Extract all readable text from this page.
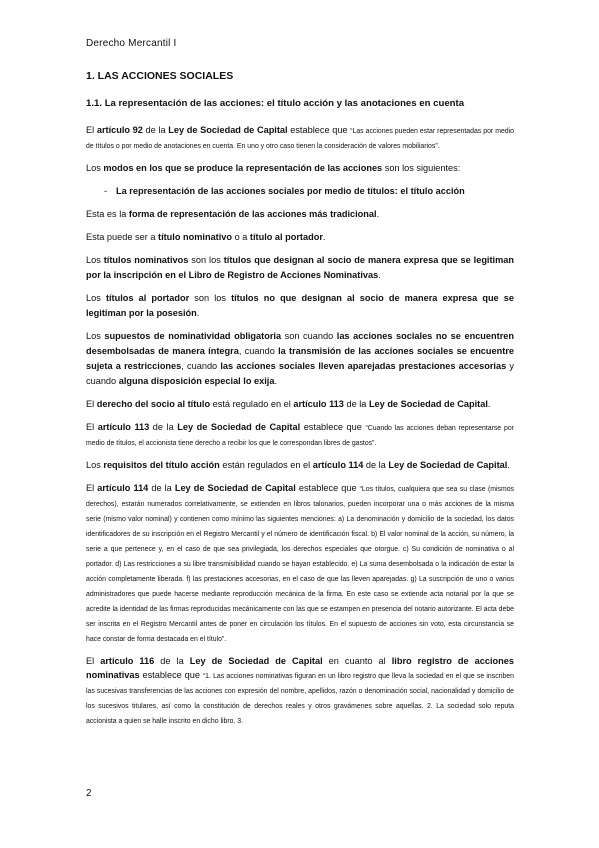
Derecho Mercantil I
1. LAS ACCIONES SOCIALES
1.1. La representación de las acciones: el título acción y las anotaciones en cuenta

El artículo 92 de la Ley de Sociedad de Capital establece que “Las acciones pueden estar representadas por medio de títulos o por medio de anotaciones en cuenta. En uno y otro caso tienen la consideración de valores mobiliarios”.

Los modos en los que se produce la representación de las acciones son los siguientes:

- La representación de las acciones sociales por medio de títulos: el título acción

Esta es la forma de representación de las acciones más tradicional.

Esta puede ser a título nominativo o a título al portador.

Los títulos nominativos son los títulos que designan al socio de manera expresa que se legitiman por la inscripción en el Libro de Registro de Acciones Nominativas.

Los títulos al portador son los títulos no que designan al socio de manera expresa que se legitiman por la posesión.

Los supuestos de nominatividad obligatoria son cuando las acciones sociales no se encuentren desembolsadas de manera íntegra, cuando la transmisión de las acciones sociales se encuentre sujeta a restricciones, cuando las acciones sociales lleven aparejadas prestaciones accesorias y cuando alguna disposición especial lo exija.

El derecho del socio al título está regulado en el artículo 113 de la Ley de Sociedad de Capital.

El artículo 113 de la Ley de Sociedad de Capital establece que “Cuando las acciones deban representarse por medio de títulos, el accionista tiene derecho a recibir los que le correspondan libres de gastos”.

Los requisitos del título acción están regulados en el artículo 114 de la Ley de Sociedad de Capital.

El artículo 114 de la Ley de Sociedad de Capital establece que “Los títulos, cualquiera que sea su clase (mismos derechos), estarán numerados correlativamente, se extienden en libros talonarios, pueden incorporar una o más acciones de la misma serie (mismo valor nominal) y contienen como mínimo las siguientes menciones: a) La denominación y domicilio de la sociedad, los datos identificadores de su inscripción en el Registro Mercantil y el número de identificación fiscal. b) El valor nominal de la acción, su número, la serie a que pertenece y, en el caso de que sea privilegiada, los derechos especiales que otorgue. c) Su condición de nominativa o al portador. d) Las restricciones a su libre transmisibilidad cuando se hayan establecido. e) La suma desembolsada o la indicación de estar la acción completamente liberada. f) las prestaciones accesorias, en el caso de que las lleven aparejadas. g) La suscripción de uno o varios administradores que puede hacerse mediante reproducción mecánica de la firma. En este caso se extiende acta notarial por la que se acredite la identidad de las firmas reproducidas mecánicamente con las que se estampen en presencia del notario autorizante. El acta debe ser inscrita en el Registro Mercantil antes de poner en circulación los títulos. En el supuesto de acciones sin voto, esta circunstancia se hace constar de forma destacada en el título”.

El artículo 116 de la Ley de Sociedad de Capital en cuanto al libro registro de acciones nominativas establece que “1. Las acciones nominativas figuran en un libro registro que lleva la sociedad en el que se inscriben las sucesivas transferencias de las acciones con expresión del nombre, apellidos, razón o denominación social, nacionalidad y domicilio de los sucesivos titulares, así como la constitución de derechos reales y otros gravámenes sobre aquellas. 2. La sociedad solo reputa accionista a quien se halle inscrito en dicho libro. 3.

2
